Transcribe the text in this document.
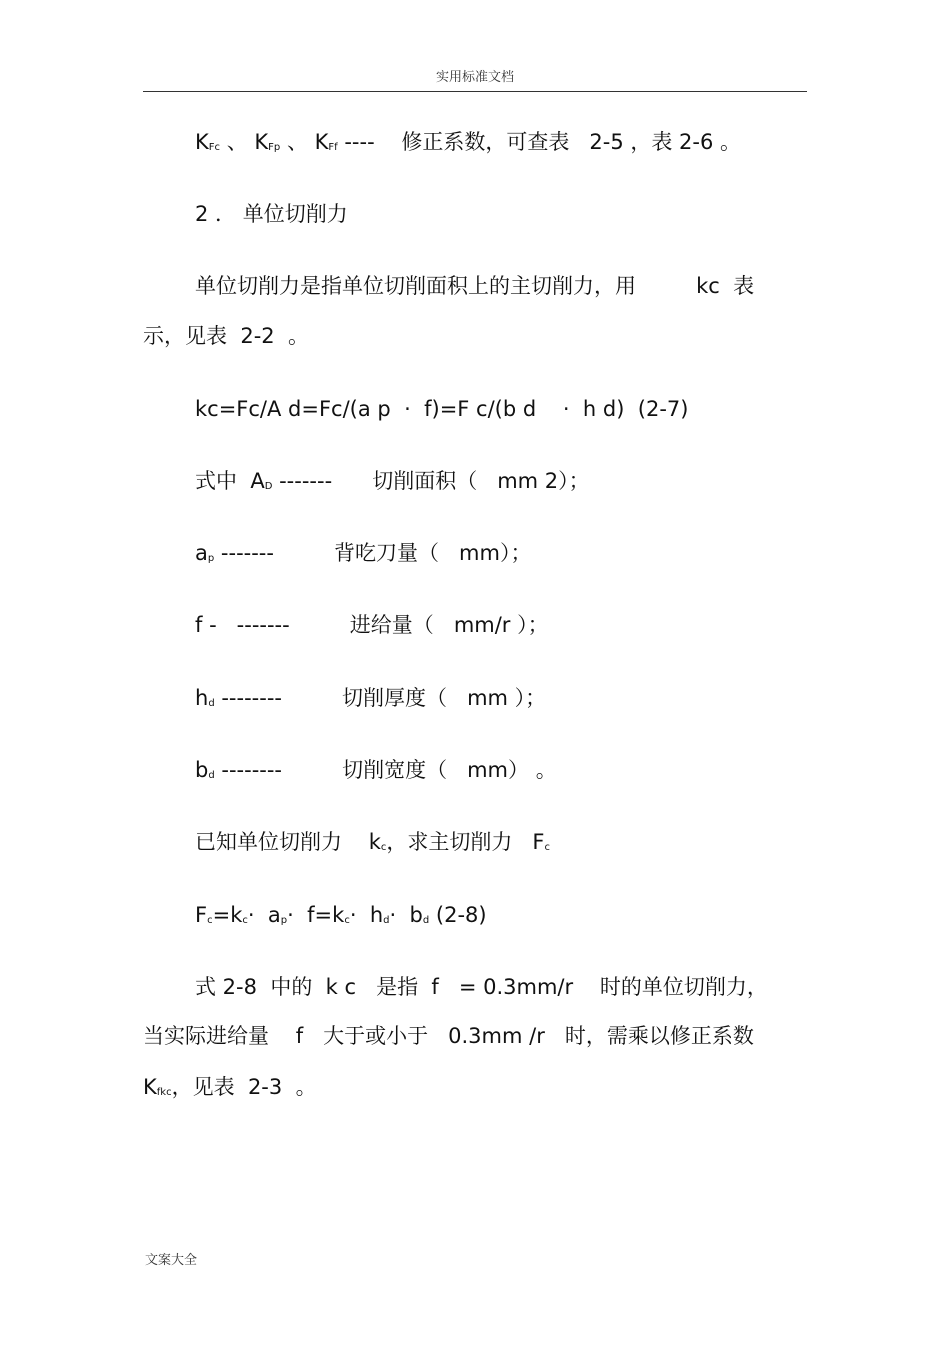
实用标准文档
$K_{Fc}$ 、 $K_{Fp}$ 、 $K_{Ff}$ ----    修正系数，可查表   2-5 ，表 2-6 。
2 ． 单位切削力
单位切削力是指单位切削面积上的主切削力，用         kc  表
示，见表  2-2  。
kc=Fc/A d=Fc/(a p  ·  f)=F c/(b d    ·  h d)  (2-7)
式中  $A_D$ -------      切削面积（   mm 2）；
$a_p$ -------         背吃刀量（   mm）；
f -   -------         进给量（   mm/r ）；
$h_d$ --------         切削厚度（   mm ）；
$b_d$ --------         切削宽度（   mm） 。
已知单位切削力    $k_c$，求主切削力   $F_c$
$F_c=k_c\cdot a_p\cdot f=k_c\cdot h_d\cdot b_d$ (2-8)
式 2-8  中的  k c   是指  f   = 0.3mm/r    时的单位切削力，
当实际进给量    f   大于或小于   0.3mm /r   时，需乘以修正系数
$K_{fkc}$，见表  2-3  。
文案大全
